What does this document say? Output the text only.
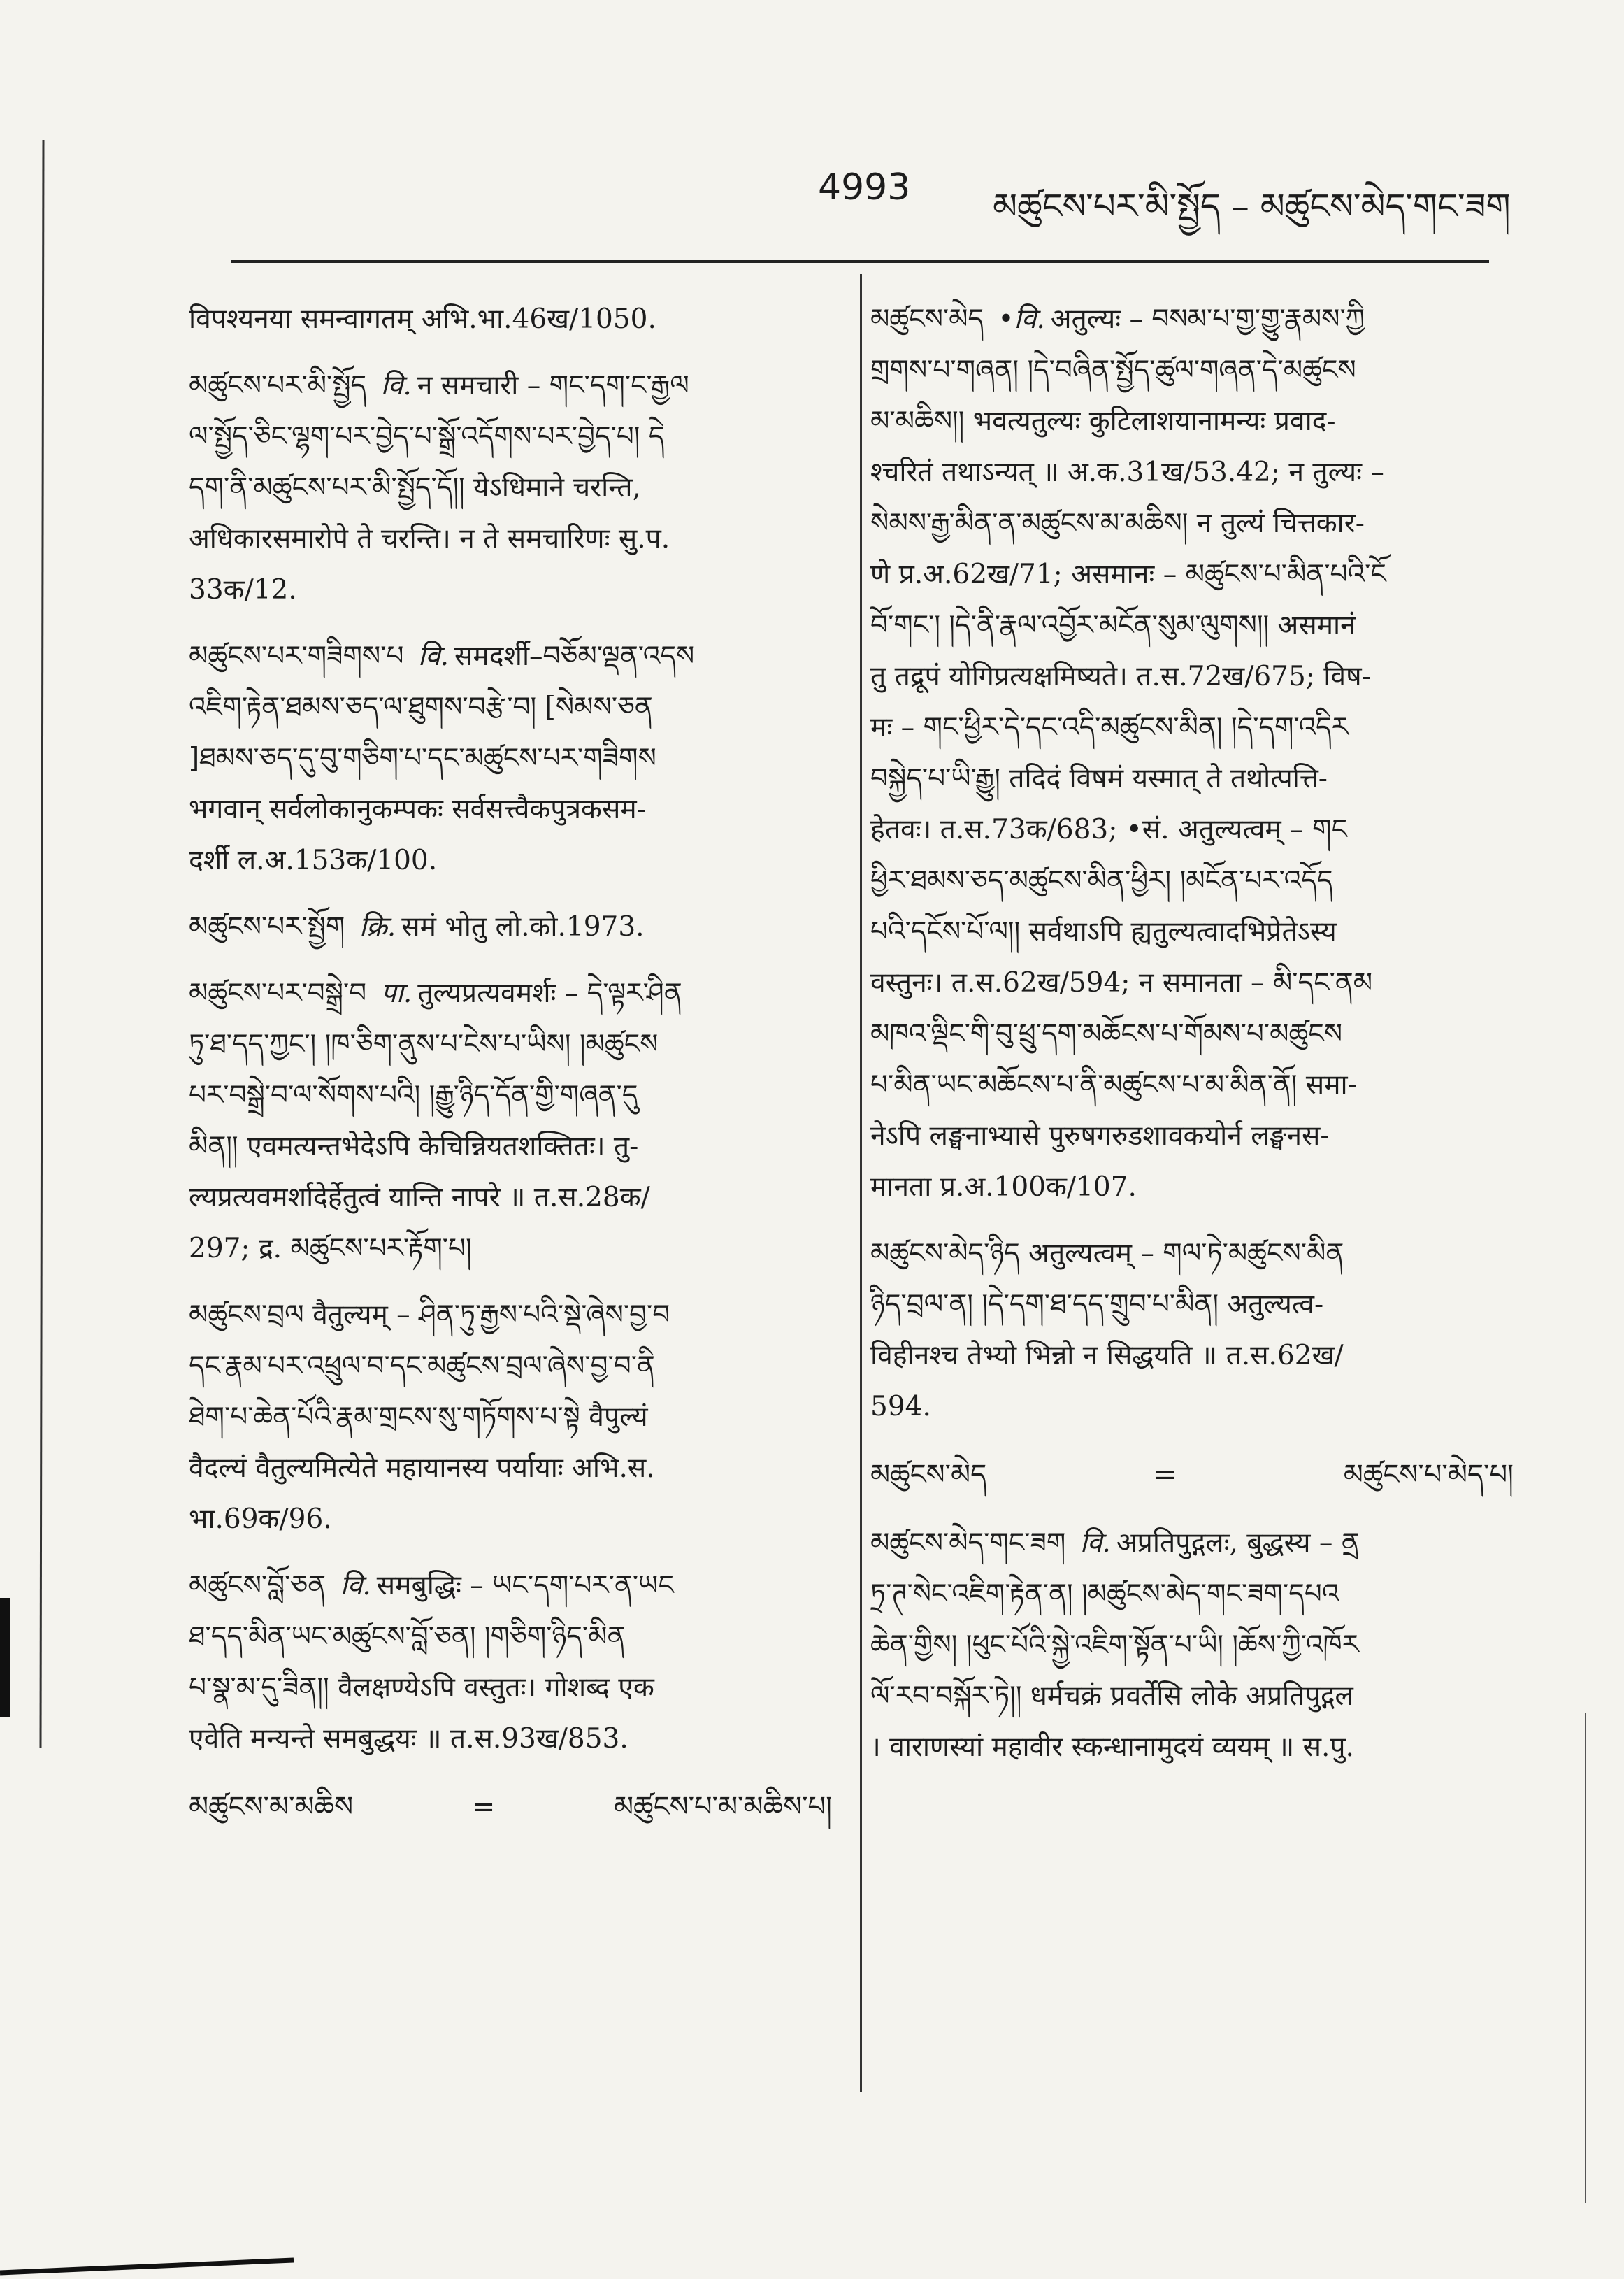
4993 མཚུངས་པར་མི་སྤྱོད – མཚུངས་མེད་གང་ཟག
विपश्यनया समन्वागतम् अभि.भा.46ख/1050.
མཚུངས་པར་མི་སྤྱོད वि. न समचारी – གང་དག་ང་རྒྱལ
ལ་སྤྱོད་ཅིང་ལྷག་པར་བྱེད་པ་སྒྲོ་འདོགས་པར་བྱེད་པ། དེ
དག་ནི་མཚུངས་པར་མི་སྤྱོད་དོ།། येऽधिमाने चरन्ति,
अधिकारसमारोपे ते चरन्ति। न ते समचारिणः सु.प.
33क/12.
མཚུངས་པར་གཟིགས་པ वि. समदर्शी–བཅོམ་ལྡན་འདས
འཇིག་རྟེན་ཐམས་ཅད་ལ་ཐུགས་བརྩེ་བ། [སེམས་ཅན
]ཐམས་ཅད་དུ་བུ་གཅིག་པ་དང་མཚུངས་པར་གཟིགས
भगवान् सर्वलोकानुकम्पकः सर्वसत्त्वैकपुत्रकसम-
दर्शी ल.अ.153क/100.
མཚུངས་པར་སྤྱོག क्रि. समं भोतु लो.को.1973.
མཚུངས་པར་བསྒྲེ་བ पा. तुल्यप्रत्यवमर्शः – དེ་ལྟར་ཤིན
ཏུ་ཐ་དད་ཀྱང་། །ཁ་ཅིག་ནུས་པ་ངེས་པ་ཡིས། །མཚུངས
པར་བསྒྲེ་བ་ལ་སོགས་པའི། །རྒྱུ་ཉིད་དོན་གྱི་གཞན་དུ
མིན།། एवमत्यन्तभेदेऽपि केचिन्नियतशक्तितः। तु-
ल्यप्रत्यवमर्शादेर्हेतुत्वं यान्ति नापरे ॥ त.स.28क/
297; द्र. མཚུངས་པར་རྟོག་པ།
མཚུངས་བྲལ वैतुल्यम् – ཤིན་ཏུ་རྒྱས་པའི་སྡེ་ཞེས་བྱ་བ
དང་རྣམ་པར་འཕྲུལ་བ་དང་མཚུངས་བྲལ་ཞེས་བྱ་བ་ནི
ཐེག་པ་ཆེན་པོའི་རྣམ་གྲངས་སུ་གཏོགས་པ་སྟེ वैपुल्यं
वैदल्यं वैतुल्यमित्येते महायानस्य पर्यायाः अभि.स.
भा.69क/96.
མཚུངས་བློ་ཅན वि. समबुद्धिः – ཡང་དག་པར་ན་ཡང
ཐ་དད་མིན་ཡང་མཚུངས་བློ་ཅན། །གཅིག་ཉིད་མིན
པ་སྣ་མ་དུ་ཟིན།། वैलक्षण्येऽपि वस्तुतः। गोशब्द एक
एवेति मन्यन्ते समबुद्धयः ॥ त.स.93ख/853.
མཚུངས་མ་མཆིས	=	མཚུངས་པ་མ་མཆིས་པ།
མཚུངས་མེད •वि. अतुल्यः – བསམ་པ་གྱ་གྱུ་རྣམས་ཀྱི
གྲགས་པ་གཞན། །དེ་བཞིན་སྤྱོད་ཚུལ་གཞན་དེ་མཚུངས
མ་མཆིས།། भवत्यतुल्यः कुटिलाशयानामन्यः प्रवाद-
श्चरितं तथाऽन्यत् ॥ अ.क.31ख/53.42; न तुल्यः –
སེམས་རྒྱ་མིན་ན་མཚུངས་མ་མཆིས། न तुल्यं चित्तकार-
णे प्र.अ.62ख/71; असमानः – མཚུངས་པ་མིན་པའི་ངོ
བོ་གང་། །དེ་ནི་རྣལ་འབྱོར་མངོན་སུམ་ལུགས།། असमानं
तु तद्रूपं योगिप्रत्यक्षमिष्यते। त.स.72ख/675; विष-
मः – གང་ཕྱིར་དེ་དང་འདི་མཚུངས་མིན། །དེ་དག་འདིར
བསྐྱེད་པ་ཡི་རྒྱུ། तदिदं विषमं यस्मात् ते तथोत्पत्ति-
हेतवः। त.स.73क/683; •सं. अतुल्यत्वम् – གང
ཕྱིར་ཐམས་ཅད་མཚུངས་མིན་ཕྱིར། །མངོན་པར་འདོད
པའི་དངོས་པོ་ལ།། सर्वथाऽपि ह्यतुल्यत्वादभिप्रेतेऽस्य
वस्तुनः। त.स.62ख/594; न समानता – མི་དང་ནམ
མཁའ་ལྡིང་གི་བུ་ཕྲུ་དག་མཆོངས་པ་གོམས་པ་མཚུངས
པ་མིན་ཡང་མཆོངས་པ་ནི་མཚུངས་པ་མ་མིན་ནོ། समा-
नेऽपि लङ्घनाभ्यासे पुरुषगरुडशावकयोर्न लङ्घनस-
मानता प्र.अ.100क/107.
མཚུངས་མེད་ཉིད अतुल्यत्वम् – གལ་ཏེ་མཚུངས་མིན
ཉིད་བྲལ་ན། །དེ་དག་ཐ་དད་གྲུབ་པ་མིན། अतुल्यत्व-
विहीनश्च तेभ्यो भिन्नो न सिद्धयति ॥ त.स.62ख/
594.
མཚུངས་མེད	=	མཚུངས་པ་མེད་པ།
མཚུངས་མེད་གང་ཟག वि. अप्रतिपुद्गलः, बुद्धस्य – ནྲ
ཏྲ་ཊ་སེང་འཇིག་རྟེན་ན། །མཚུངས་མེད་གང་ཟག་དཔའ
ཆེན་གྱིས། །ཕུང་པོའི་སྐྱེ་འཇིག་སྟོན་པ་ཡི། །ཆོས་ཀྱི་འཁོར
ལོ་རབ་བསྐོར་ཏེ།། धर्मचक्रं प्रवर्तेसि लोके अप्रतिपुद्गल
। वाराणस्यां महावीर स्कन्धानामुदयं व्ययम् ॥ स.पु.
